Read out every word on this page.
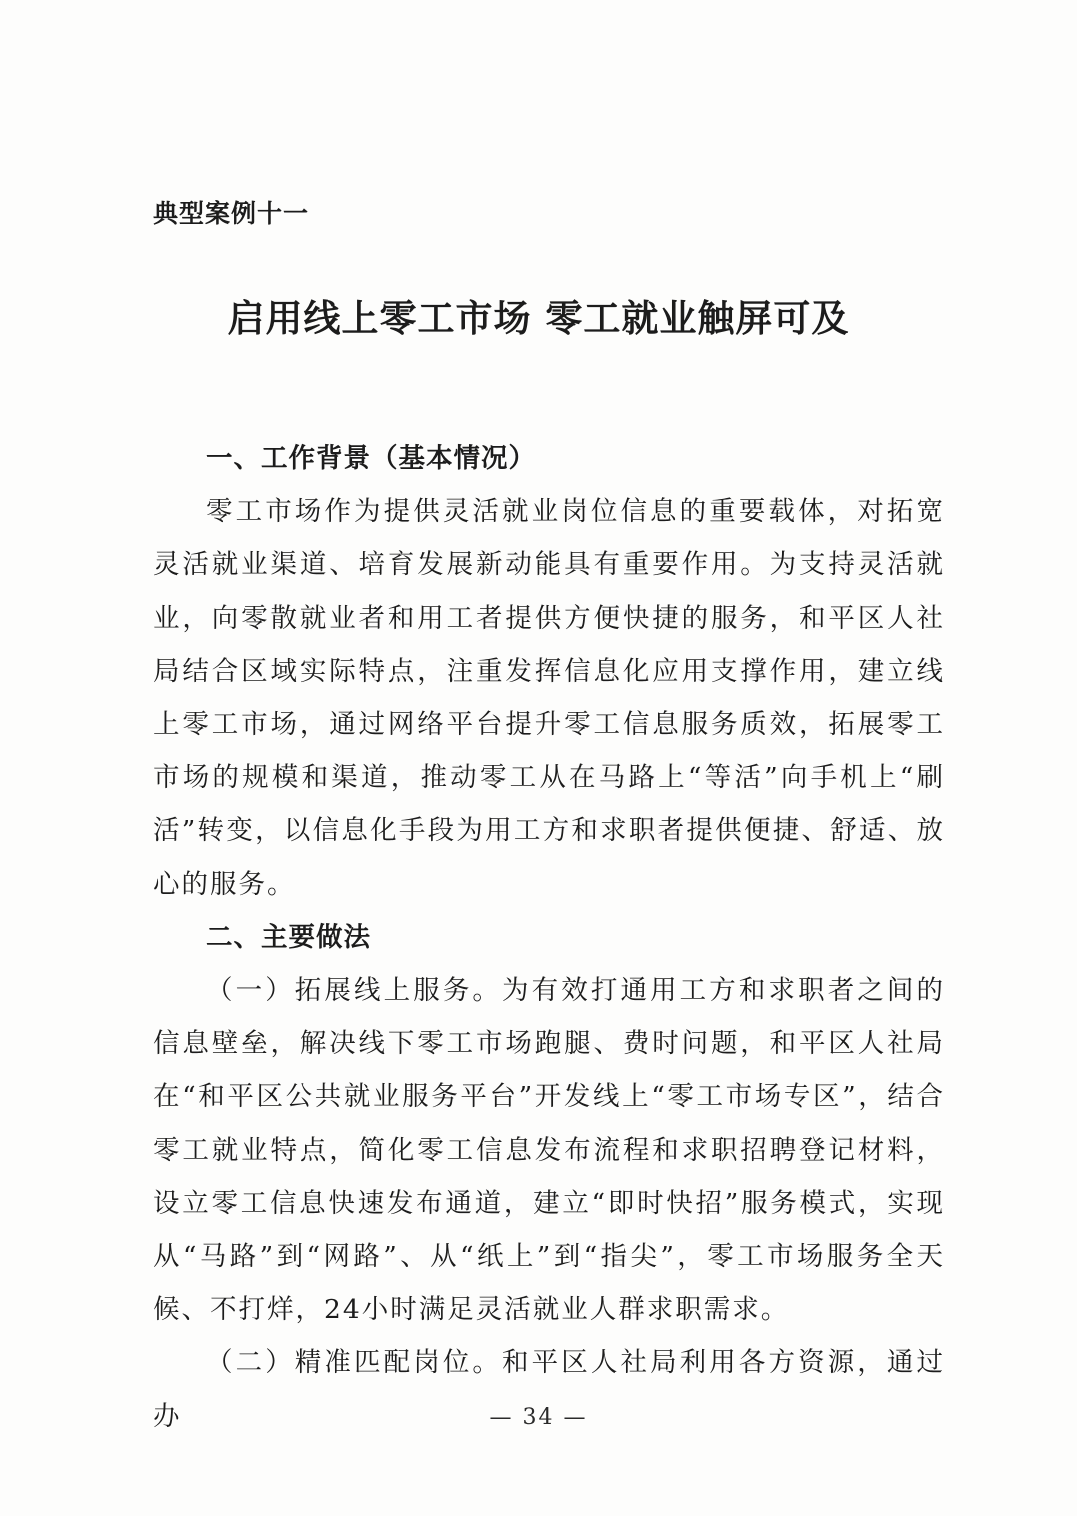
典型案例十一
启用线上零工市场 零工就业触屏可及

一、工作背景（基本情况）

零工市场作为提供灵活就业岗位信息的重要载体，对拓宽灵活就业渠道、培育发展新动能具有重要作用。为支持灵活就业，向零散就业者和用工者提供方便快捷的服务，和平区人社局结合区域实际特点，注重发挥信息化应用支撑作用，建立线上零工市场，通过网络平台提升零工信息服务质效，拓展零工市场的规模和渠道，推动零工从在马路上“等活”向手机上“刷活”转变，以信息化手段为用工方和求职者提供便捷、舒适、放心的服务。

二、主要做法

（一）拓展线上服务。为有效打通用工方和求职者之间的信息壁垒，解决线下零工市场跑腿、费时问题，和平区人社局在“和平区公共就业服务平台”开发线上“零工市场专区”，结合零工就业特点，简化零工信息发布流程和求职招聘登记材料，设立零工信息快速发布通道，建立“即时快招”服务模式，实现从“马路”到“网路”、从“纸上”到“指尖”，零工市场服务全天候、不打烊，24小时满足灵活就业人群求职需求。

（二）精准匹配岗位。和平区人社局利用各方资源，通过办	— 34 —
